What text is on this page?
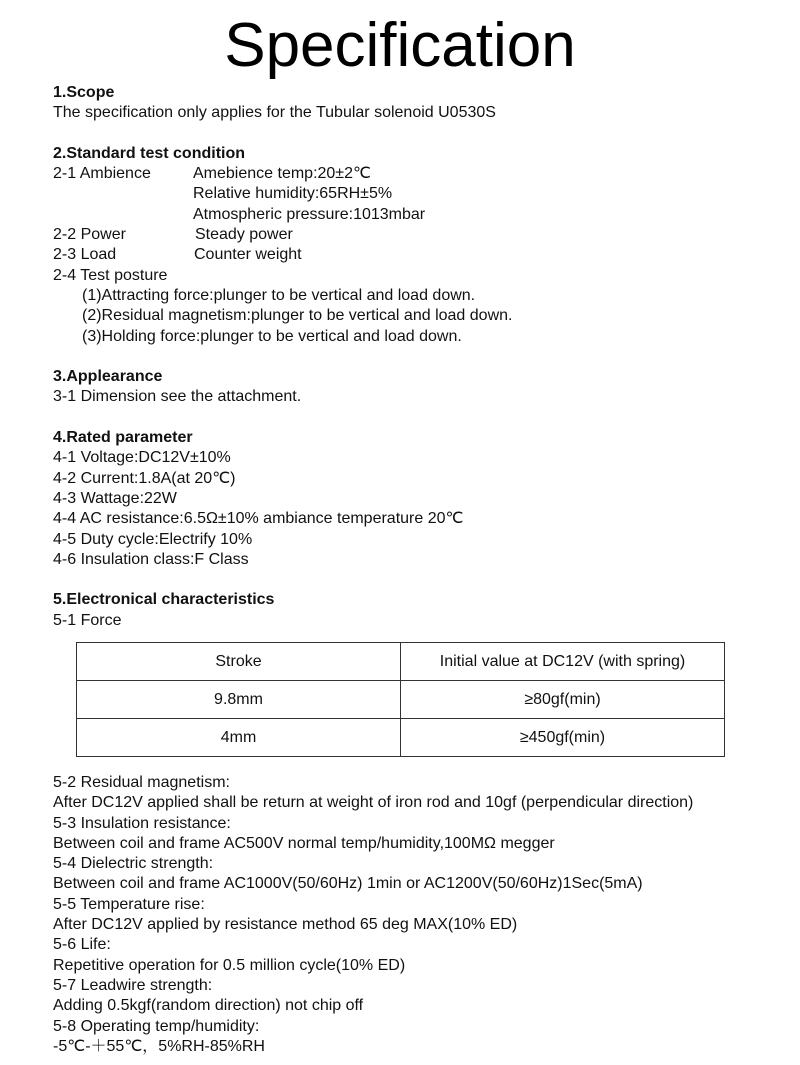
Specification
1.Scope
The specification only applies for the Tubular solenoid U0530S
2.Standard test condition
2-1 Ambience	Amebience temp:20±2℃
Relative humidity:65RH±5%
Atmospheric pressure:1013mbar
2-2 Power	Steady power
2-3 Load	Counter weight
2-4 Test posture
(1)Attracting force:plunger to be vertical and load down.
(2)Residual magnetism:plunger to be vertical and load down.
(3)Holding force:plunger to be vertical and load down.
3.Applearance
3-1 Dimension see the attachment.
4.Rated parameter
4-1 Voltage:DC12V±10%
4-2 Current:1.8A(at 20℃)
4-3 Wattage:22W
4-4 AC resistance:6.5Ω±10% ambiance temperature 20℃
4-5 Duty cycle:Electrify 10%
4-6 Insulation class:F Class
5.Electronical characteristics
5-1 Force
Stroke	Initial value at DC12V (with spring)
9.8mm	≥80gf(min)
4mm	≥450gf(min)
5-2 Residual magnetism:
After DC12V applied shall be return at weight of iron rod and 10gf (perpendicular direction)
5-3 Insulation resistance:
Between coil and frame AC500V normal temp/humidity,100MΩ megger
5-4 Dielectric strength:
Between coil and frame AC1000V(50/60Hz) 1min or AC1200V(50/60Hz)1Sec(5mA)
5-5 Temperature rise:
After DC12V applied by resistance method 65 deg MAX(10% ED)
5-6 Life:
Repetitive operation for 0.5 million cycle(10% ED)
5-7 Leadwire strength:
Adding 0.5kgf(random direction) not chip off
5-8 Operating temp/humidity:
-5℃-＋55℃，5%RH-85%RH
